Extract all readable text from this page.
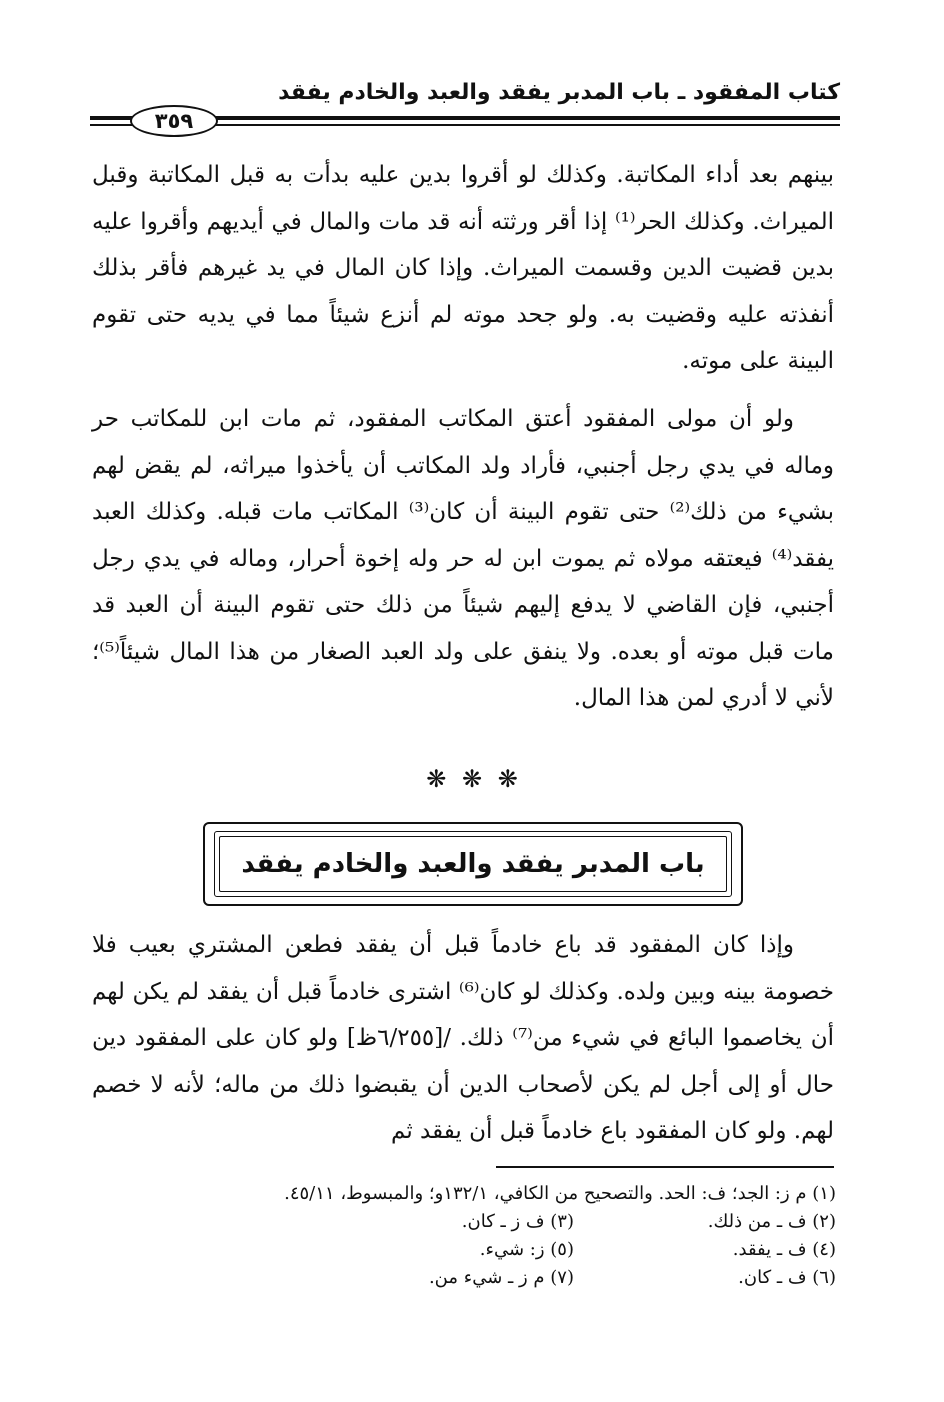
كتاب المفقود ـ باب المدبر يفقد والعبد والخادم يفقد
٣٥٩

بينهم بعد أداء المكاتبة. وكذلك لو أقروا بدين عليه بدأت به قبل المكاتبة وقبل الميراث. وكذلك الحر⁽¹⁾ إذا أقر ورثته أنه قد مات والمال في أيديهم وأقروا عليه بدين قضيت الدين وقسمت الميراث. وإذا كان المال في يد غيرهم فأقر بذلك أنفذته عليه وقضيت به. ولو جحد موته لم أنزع شيئاً مما في يديه حتى تقوم البينة على موته.

ولو أن مولى المفقود أعتق المكاتب المفقود، ثم مات ابن للمكاتب حر وماله في يدي رجل أجنبي، فأراد ولد المكاتب أن يأخذوا ميراثه، لم يقض لهم بشيء من ذلك⁽²⁾ حتى تقوم البينة أن كان⁽³⁾ المكاتب مات قبله. وكذلك العبد يفقد⁽⁴⁾ فيعتقه مولاه ثم يموت ابن له حر وله إخوة أحرار، وماله في يدي رجل أجنبي، فإن القاضي لا يدفع إليهم شيئاً من ذلك حتى تقوم البينة أن العبد قد مات قبل موته أو بعده. ولا ينفق على ولد العبد الصغار من هذا المال شيئاً⁽⁵⁾؛ لأني لا أدري لمن هذا المال.

❋ ❋ ❋
باب المدبر يفقد والعبد والخادم يفقد

وإذا كان المفقود قد باع خادماً قبل أن يفقد فطعن المشتري بعيب فلا خصومة بينه وبين ولده. وكذلك لو كان⁽⁶⁾ اشترى خادماً قبل أن يفقد لم يكن لهم أن يخاصموا البائع في شيء من⁽⁷⁾ ذلك. /[٦/٢٥٥ظ] ولو كان على المفقود دين حال أو إلى أجل لم يكن لأصحاب الدين أن يقبضوا ذلك من ماله؛ لأنه لا خصم لهم. ولو كان المفقود باع خادماً قبل أن يفقد ثم

(١) م ز: الجد؛ ف: الحد. والتصحيح من الكافي، ١٣٢/١و؛ والمبسوط، ٤٥/١١.
(٢) ف ـ من ذلك.
(٣) ف ز ـ كان.
(٤) ف ـ يفقد.
(٥) ز: شيء.
(٦) ف ـ كان.
(٧) م ز ـ شيء من.
